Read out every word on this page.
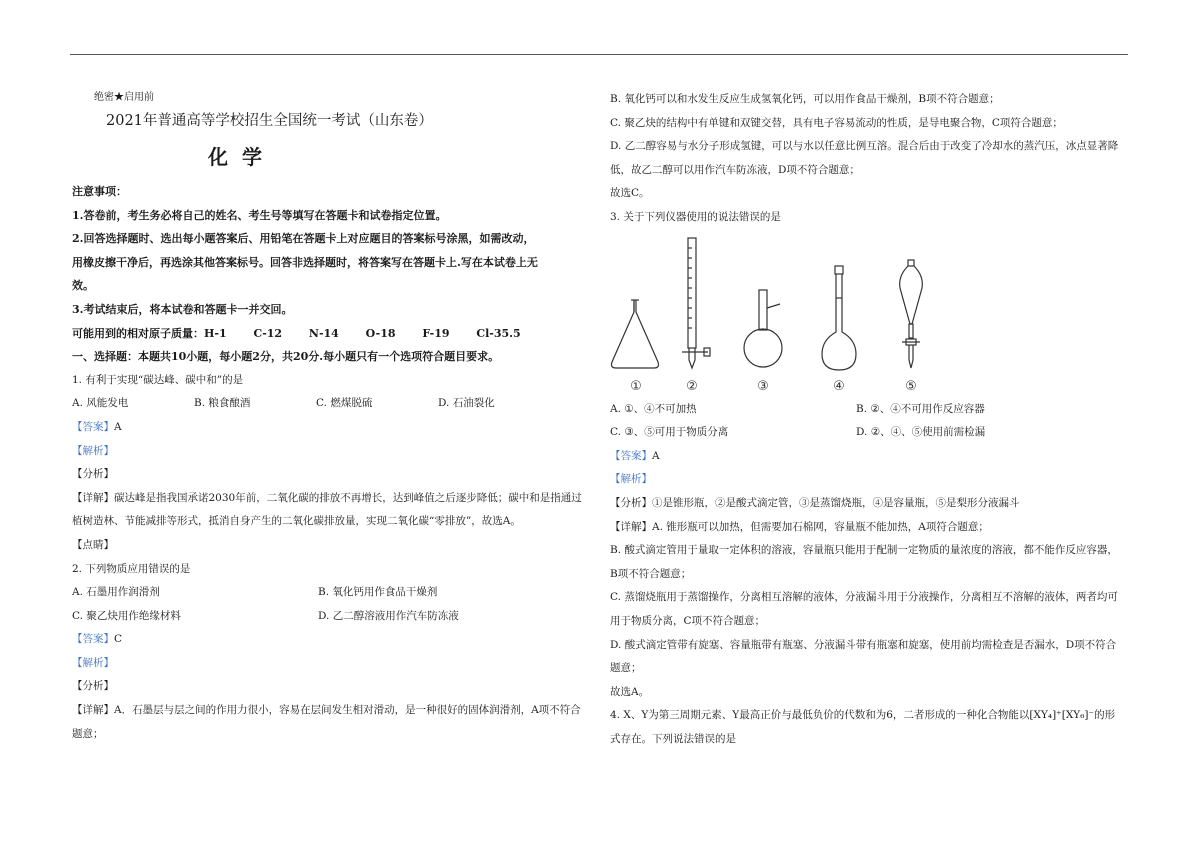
绝密★启用前
2021年普通高等学校招生全国统一考试（山东卷）
化学
注意事项：
1.答卷前，考生务必将自己的姓名、考生号等填写在答题卡和试卷指定位置。
2.回答选择题时、选出每小题答案后、用铅笔在答题卡上对应题目的答案标号涂黑，如需改动，
用橡皮擦干净后，再选涂其他答案标号。回答非选择题时，将答案写在答题卡上.写在本试卷上无
效。
3.考试结束后，将本试卷和答题卡一并交回。
可能用到的相对原子质量：H-1 C-12 N-14 O-18 F-19 Cl-35.5
一、选择题：本题共10小题，每小题2分，共20分.每小题只有一个选项符合题目要求。
1. 有利于实现“碳达峰、碳中和”的是
A. 风能发电	B. 粮食酿酒	C. 燃煤脱硫	D. 石油裂化
【答案】A
【解析】
【分析】
【详解】碳达峰是指我国承诺2030年前，二氧化碳的排放不再增长，达到峰值之后逐步降低；碳中和是指通过
植树造林、节能减排等形式，抵消自身产生的二氧化碳排放量，实现二氧化碳“零排放”，故选A。
【点睛】
2. 下列物质应用错误的是
A. 石墨用作润滑剂	B. 氧化钙用作食品干燥剂
C. 聚乙炔用作绝缘材料	D. 乙二醇溶液用作汽车防冻液
【答案】C
【解析】
【分析】
【详解】A．石墨层与层之间的作用力很小，容易在层间发生相对滑动，是一种很好的固体润滑剂，A项不符合
题意；
B. 氧化钙可以和水发生反应生成氢氧化钙，可以用作食品干燥剂，B项不符合题意；
C. 聚乙炔的结构中有单键和双键交替，具有电子容易流动的性质，是导电聚合物，C项符合题意；
D. 乙二醇容易与水分子形成氢键，可以与水以任意比例互溶。混合后由于改变了冷却水的蒸汽压，冰点显著降
低，故乙二醇可以用作汽车防冻液，D项不符合题意；
故选C。
3. 关于下列仪器使用的说法错误的是
①	②	③	④	⑤
A. ①、④不可加热	B. ②、④不可用作反应容器
C. ③、⑤可用于物质分离	D. ②、④、⑤使用前需检漏
【答案】A
【解析】
【分析】①是锥形瓶，②是酸式滴定管，③是蒸馏烧瓶，④是容量瓶，⑤是梨形分液漏斗
【详解】A. 锥形瓶可以加热，但需要加石棉网，容量瓶不能加热，A项符合题意；
B. 酸式滴定管用于量取一定体积的溶液，容量瓶只能用于配制一定物质的量浓度的溶液，都不能作反应容器，
B项不符合题意；
C. 蒸馏烧瓶用于蒸馏操作，分离相互溶解的液体，分液漏斗用于分液操作，分离相互不溶解的液体，两者均可
用于物质分离，C项不符合题意；
D. 酸式滴定管带有旋塞、容量瓶带有瓶塞、分液漏斗带有瓶塞和旋塞，使用前均需检查是否漏水，D项不符合
题意；
故选A。
4. X、Y为第三周期元素、Y最高正价与最低负价的代数和为6，二者形成的一种化合物能以[XY₄]⁺[XY₆]⁻的形
式存在。下列说法错误的是
